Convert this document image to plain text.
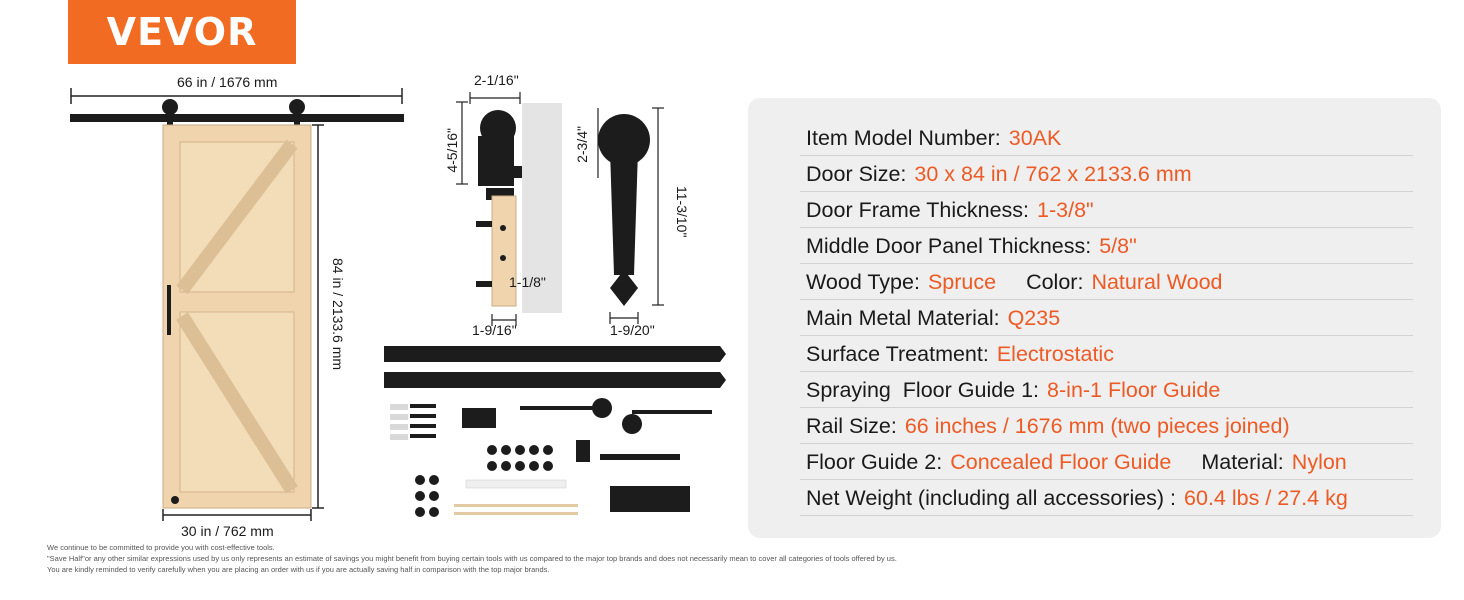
VEVOR
66 in / 1676 mm
84 in / 2133.6 mm
30 in / 762 mm
2-1/16"
4-5/16"
1-1/8"
1-9/16"
2-3/4"
11-3/10"
1-9/20"
Item Model Number: 30AK
Door Size: 30 x 84 in / 762 x 2133.6 mm
Door Frame Thickness: 1-3/8"
Middle Door Panel Thickness: 5/8"
Wood Type: Spruce Color: Natural Wood
Main Metal Material: Q235
Surface Treatment: Electrostatic
Spraying  Floor Guide 1: 8-in-1 Floor Guide
Rail Size: 66 inches / 1676 mm (two pieces joined)
Floor Guide 2: Concealed Floor Guide Material: Nylon
Net Weight (including all accessories) : 60.4 lbs / 27.4 kg
We continue to be committed to provide you with cost-effective tools.
"Save Half"or any other similar expressions used by us only represents an estimate of savings you might benefit from buying certain tools with us compared to the major top brands and does not necessarily mean to cover all categories of tools offered by us.
You are kindly reminded to verify carefully when you are placing an order with us if you are actually saving half in comparison with the top major brands.
